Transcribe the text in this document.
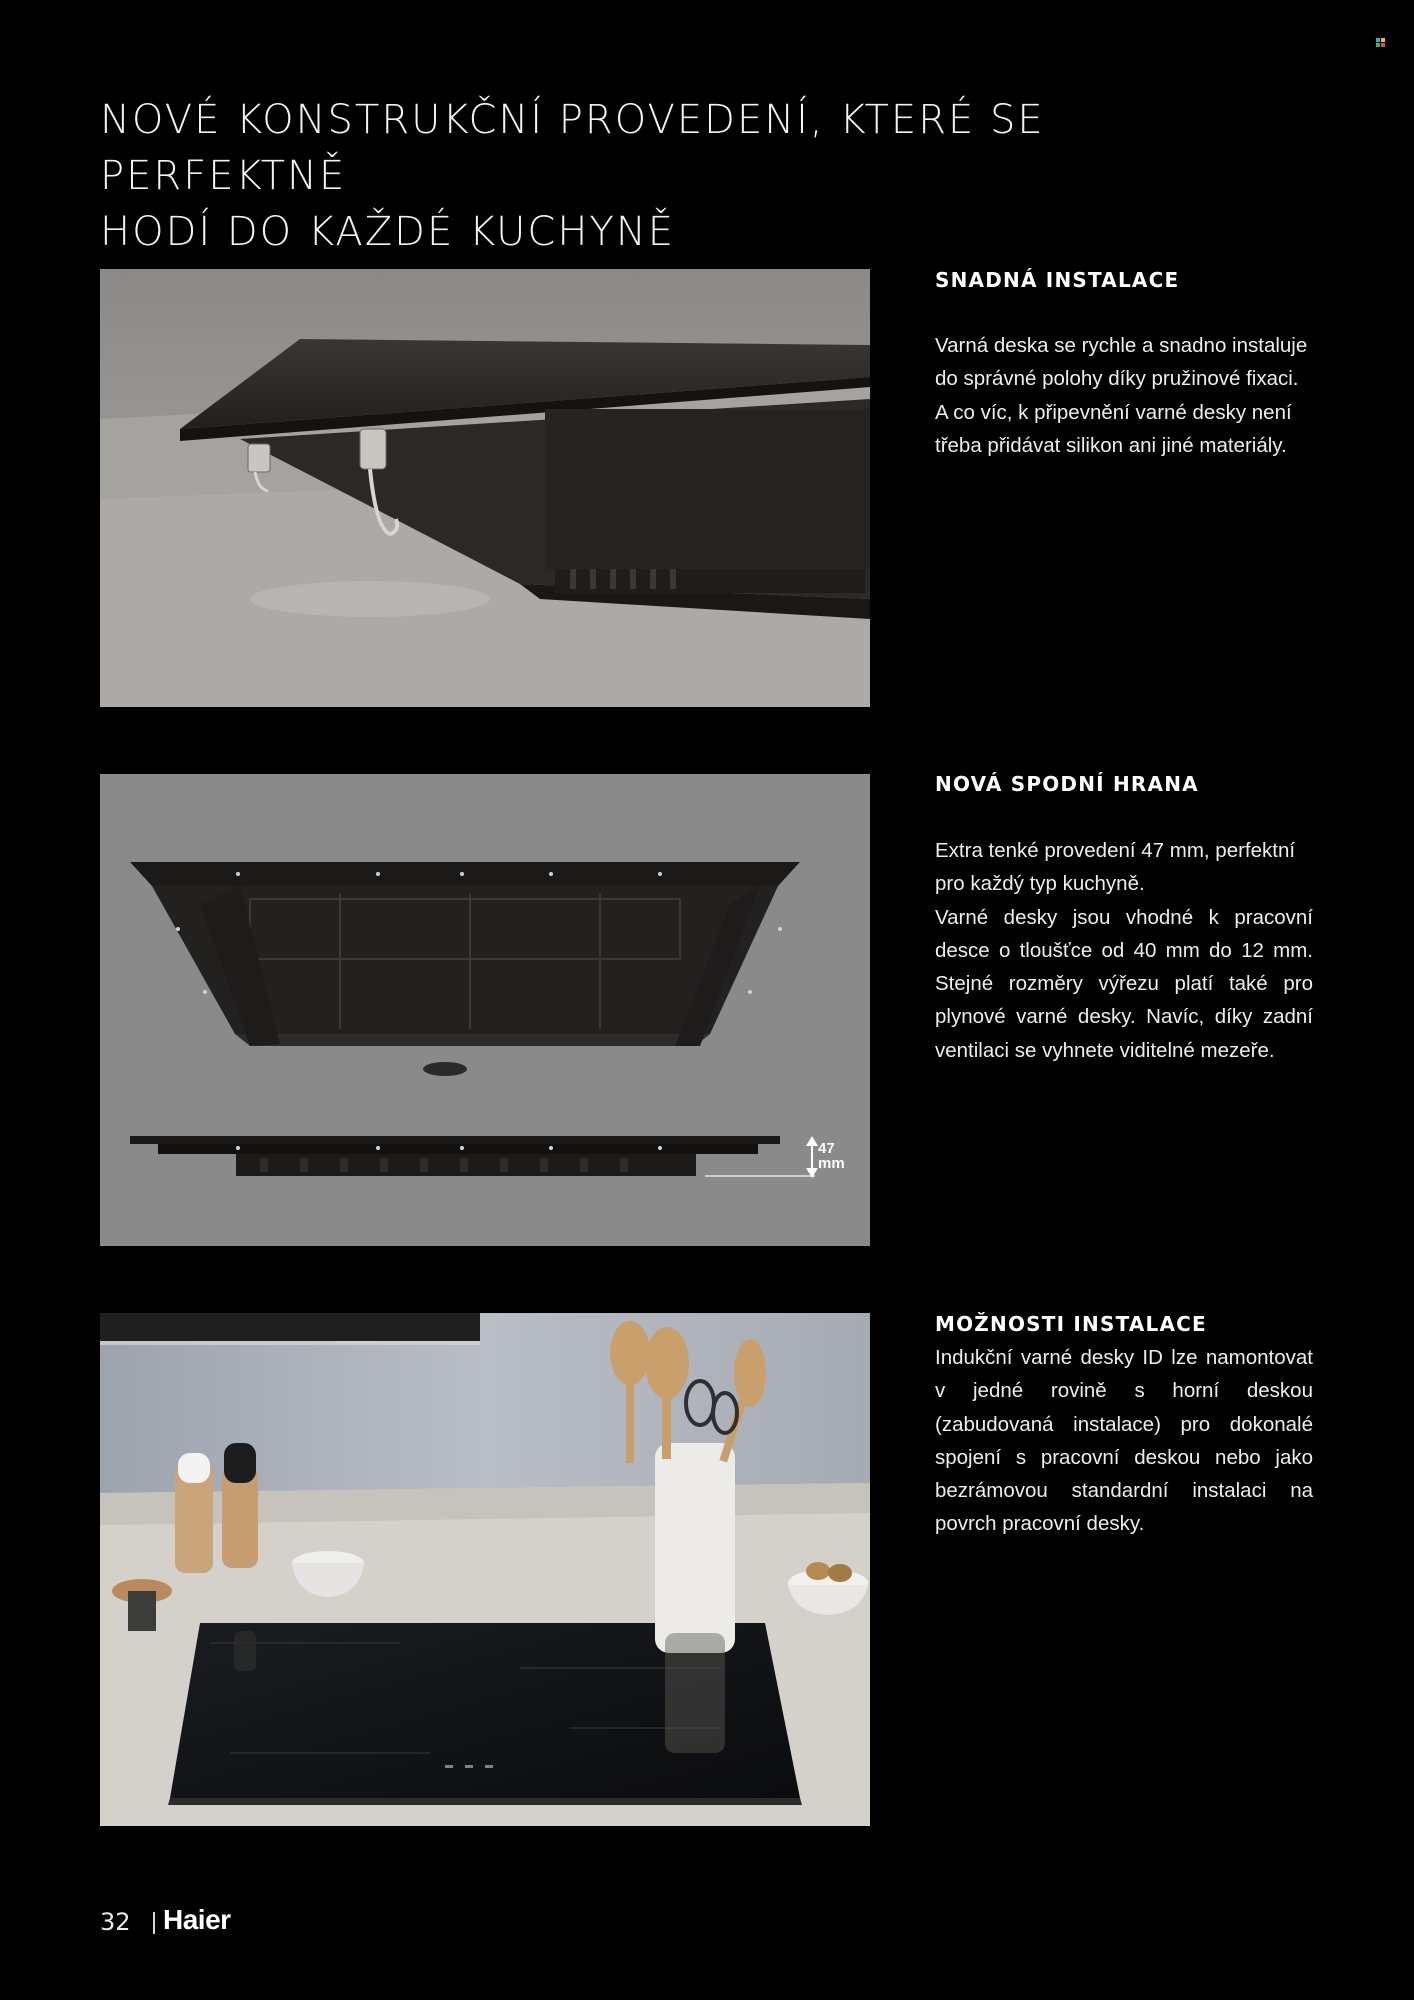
NOVÉ KONSTRUKČNÍ PROVEDENÍ, KTERÉ SE PERFEKTNĚ
HODÍ DO KAŽDÉ KUCHYNĚ
SNADNÁ INSTALACE

Varná deska se rychle a snadno instaluje do správné polohy díky pružinové fixaci. A co víc, k připevnění varné desky není třeba přidávat silikon ani jiné materiály.

47
mm
NOVÁ SPODNÍ HRANA

Extra tenké provedení 47 mm, perfektní pro každý typ kuchyně.

Varné desky jsou vhodné k pracovní desce o tloušťce od 40 mm do 12 mm. Stejné rozměry výřezu platí také pro plynové varné desky. Navíc, díky zadní ventilaci se vyhnete viditelné mezeře.

MOŽNOSTI INSTALACE

Indukční varné desky ID lze namontovat v jedné rovině s horní deskou (zabudovaná instalace) pro dokonalé spojení s pracovní deskou nebo jako bezrámovou standardní instalaci na povrch pracovní desky.

32 Haier
